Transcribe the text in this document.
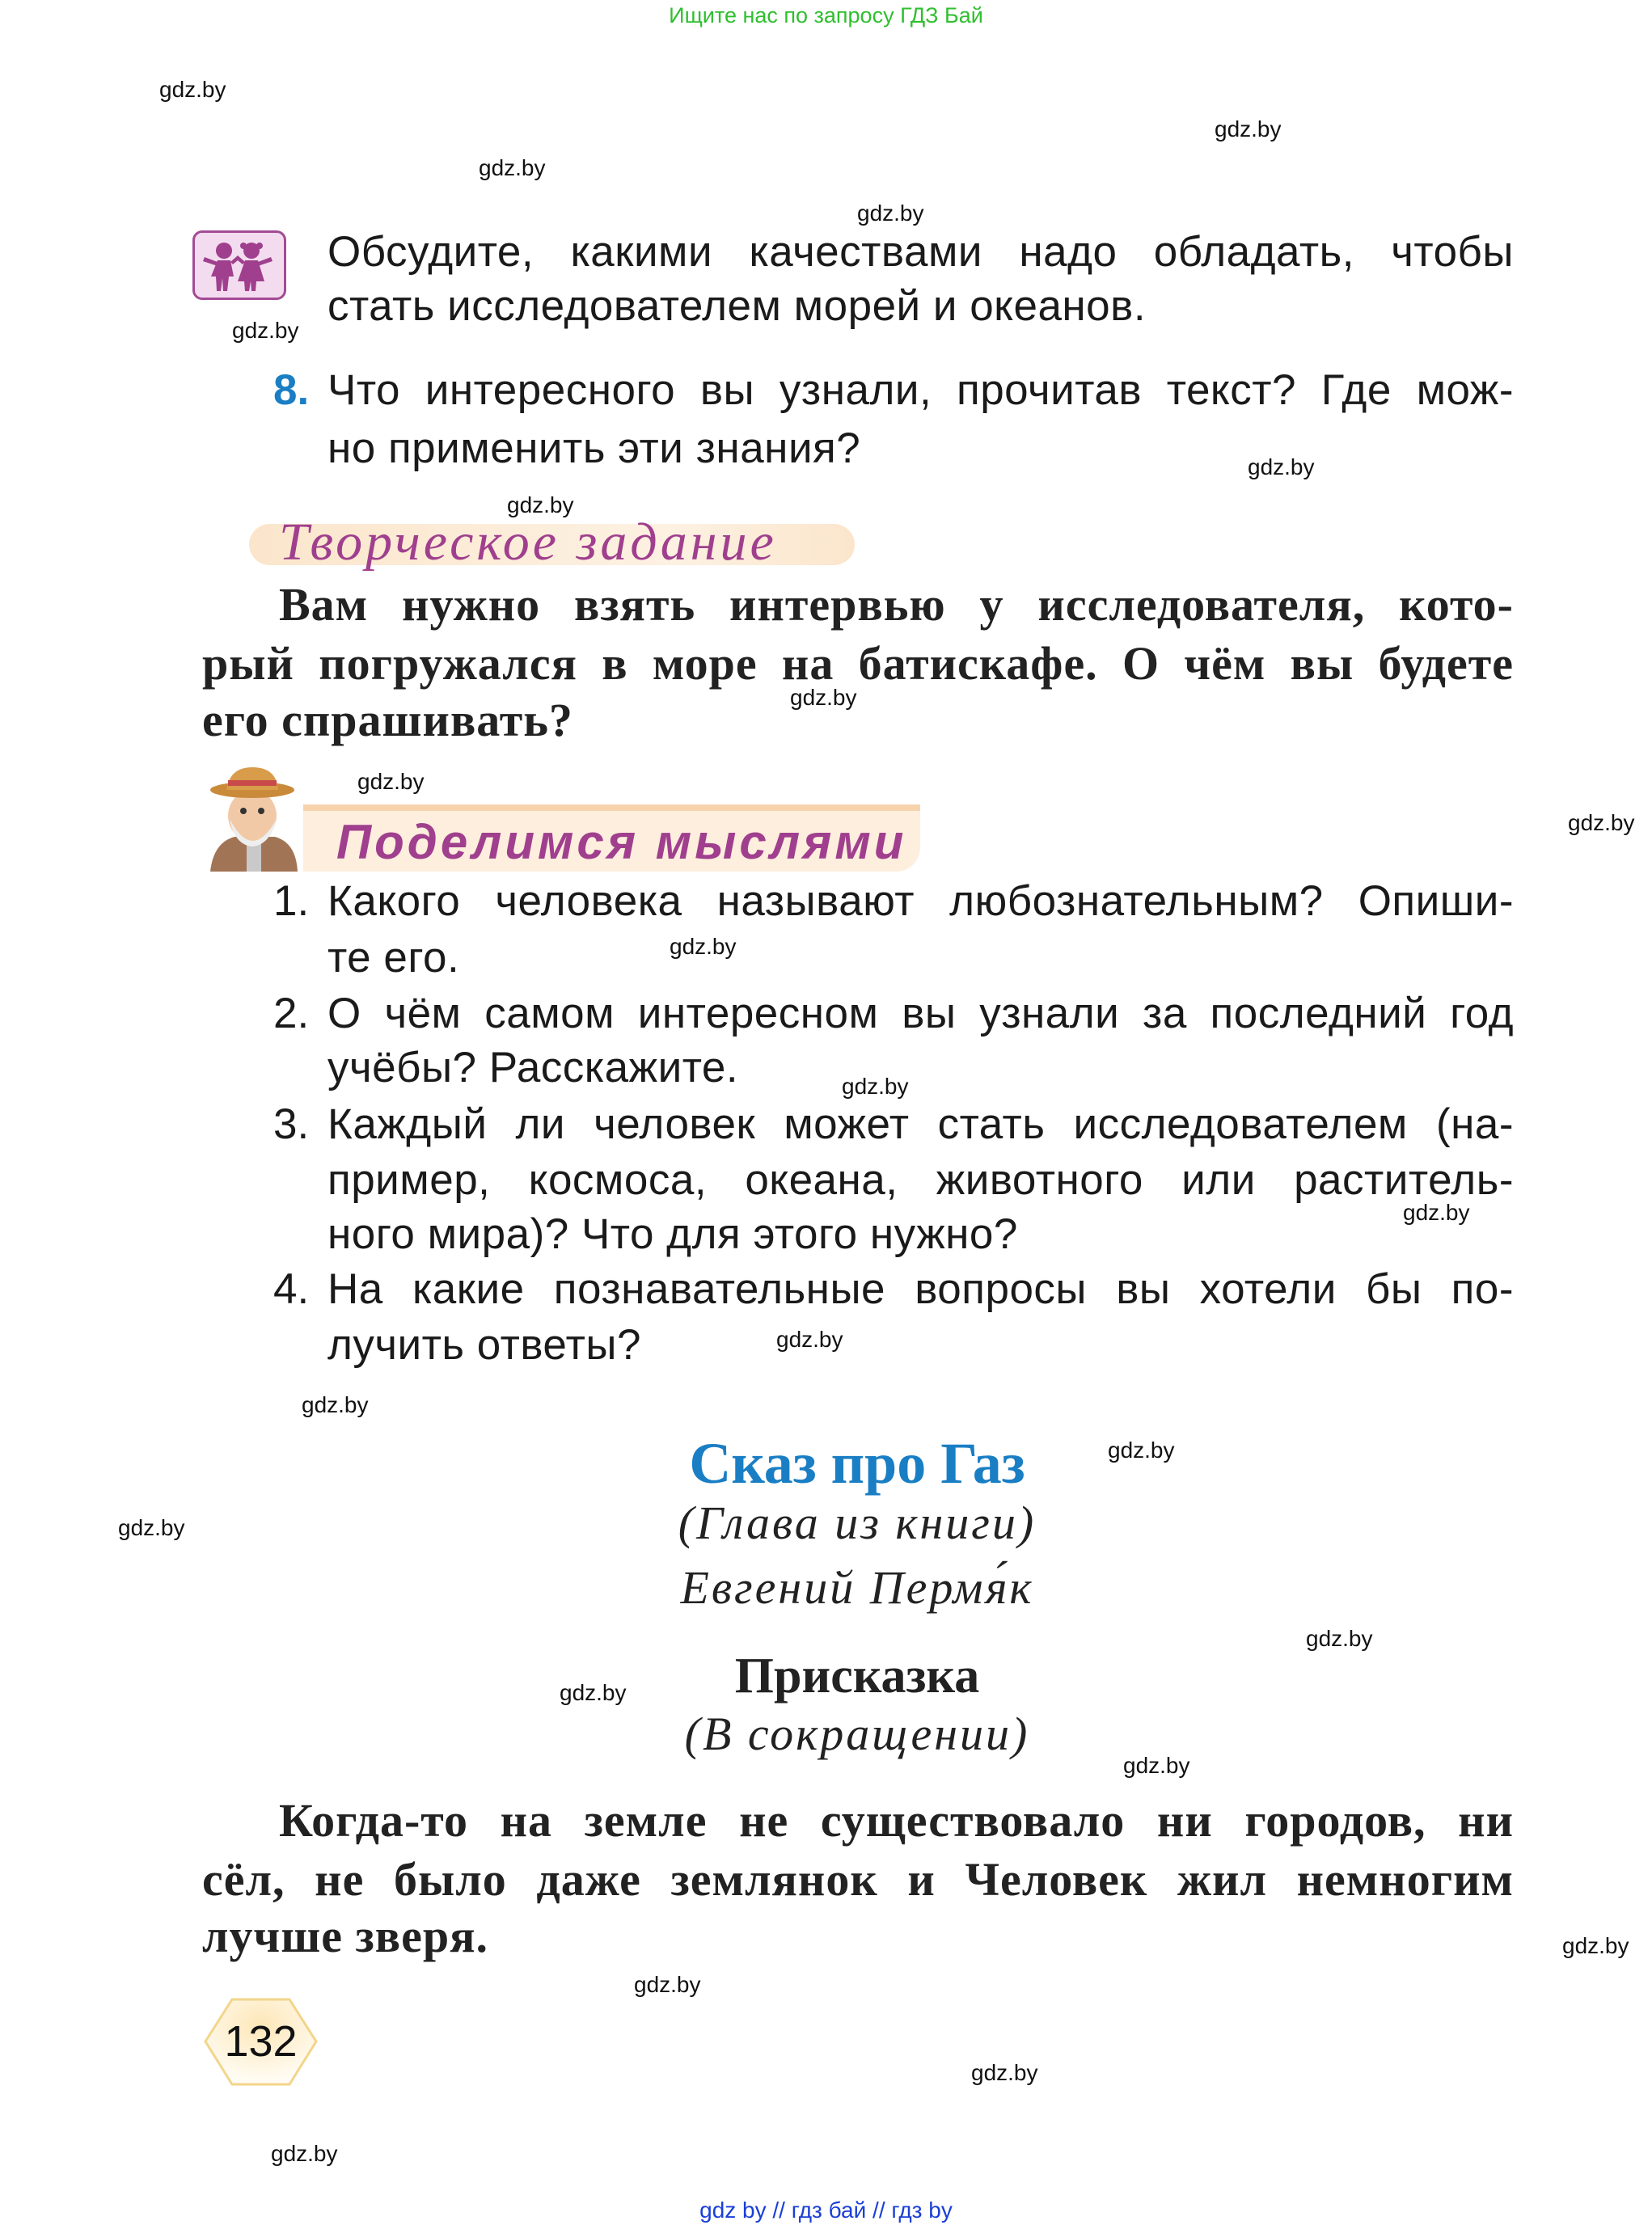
Ищите нас по запросу ГДЗ Бай
Обсудите, какими качествами надо обладать, чтобы
стать исследователем морей и океанов.
8. Что интересного вы узнали, прочитав текст? Где мож-
но применить эти знания?
Творческое задание
Вам нужно взять интервью у исследователя, кото-
рый погружался в море на батискафе. О чём вы будете
его спрашивать?
Поделимся мыслями
1. Какого человека называют любознательным? Опиши-
те его.
2. О чём самом интересном вы узнали за последний год
учёбы? Расскажите.
3. Каждый ли человек может стать исследователем (на-
пример, космоса, океана, животного или раститель-
ного мира)? Что для этого нужно?
4. На какие познавательные вопросы вы хотели бы по-
лучить ответы?
Сказ про Газ
(Глава из книги)
Евгений Пермя́к
Присказка
(В сокращении)
Когда-то на земле не существовало ни городов, ни
сёл, не было даже землянок и Человек жил немногим
лучше зверя.
132
gdz by // гдз бай // гдз by
gdz.by
gdz.by
gdz.by
gdz.by
gdz.by
gdz.by
gdz.by
gdz.by
gdz.by
gdz.by
gdz.by
gdz.by
gdz.by
gdz.by
gdz.by
gdz.by
gdz.by
gdz.by
gdz.by
gdz.by
gdz.by
gdz.by
gdz.by
gdz.by
